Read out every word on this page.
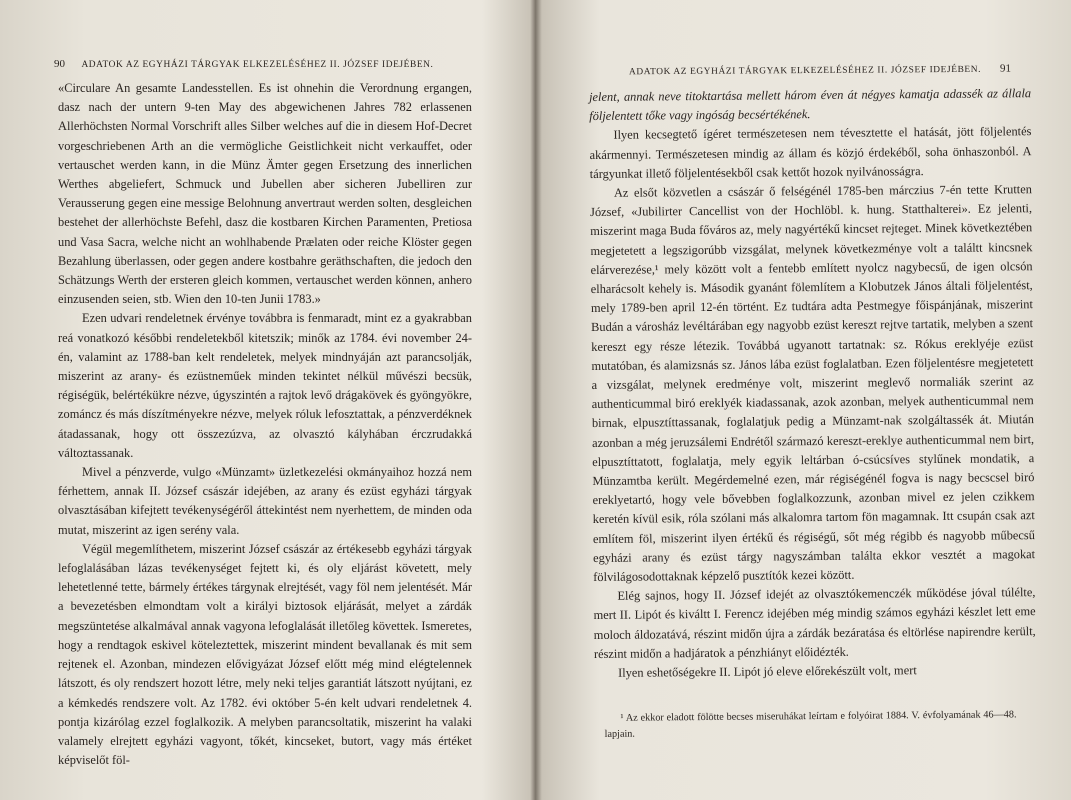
90 ADATOK AZ EGYHÁZI TÁRGYAK ELKEZELÉSÉHEZ II. JÓZSEF IDEJÉBEN.

«Circulare An gesamte Landesstellen. Es ist ohnehin die Verordnung ergangen, dasz nach der untern 9-ten May des abgewichenen Jahres 782 erlassenen Allerhöchsten Normal Vorschrift alles Silber welches auf die in diesem Hof-Decret vorgeschriebenen Arth an die vermögliche Geistlichkeit nicht verkauffet, oder vertauschet werden kann, in die Münz Ämter gegen Ersetzung des innerlichen Werthes abgeliefert, Schmuck und Jubellen aber sicheren Jubelliren zur Verausserung gegen eine messige Belohnung anvertraut werden solten, desgleichen bestehet der allerhöchste Befehl, dasz die kostbaren Kirchen Paramenten, Pretiosa und Vasa Sacra, welche nicht an wohlhabende Prælaten oder reiche Klöster gegen Bezahlung überlassen, oder gegen andere kostbahre geräthschaften, die jedoch den Schätzungs Werth der ersteren gleich kommen, vertauschet werden können, anhero einzusenden seien, stb. Wien den 10-ten Junii 1783.»

Ezen udvari rendeletnek érvénye továbbra is fenmaradt, mint ez a gyakrabban reá vonatkozó későbbi rendeletekből kitetszik; minők az 1784. évi november 24-én, valamint az 1788-ban kelt rendeletek, melyek mindnyáján azt parancsolják, miszerint az arany- és ezüstneműek minden tekintet nélkül művészi becsük, régiségük, belértékükre nézve, úgyszintén a rajtok levő drágakövek és gyöngyökre, zománcz és más díszítményekre nézve, melyek róluk lefosztattak, a pénzverdéknek átadassanak, hogy ott összezúzva, az olvasztó kályhában érczrudakká változtassanak.

Mivel a pénzverde, vulgo «Münzamt» üzletkezelési okmányaihoz hozzá nem férhettem, annak II. József császár idejében, az arany és ezüst egyházi tárgyak olvasztásában kifejtett tevékenységéről áttekintést nem nyerhettem, de minden oda mutat, miszerint az igen serény vala.

Végül megemlíthetem, miszerint József császár az értékesebb egyházi tárgyak lefoglalásában lázas tevékenységet fejtett ki, és oly eljárást követett, mely lehetetlenné tette, bármely értékes tárgynak elrejtését, vagy föl nem jelentését. Már a bevezetésben elmondtam volt a királyi biztosok eljárását, melyet a zárdák megszüntetése alkalmával annak vagyona lefoglalását illetőleg követtek. Ismeretes, hogy a rendtagok eskivel köteleztettek, miszerint mindent bevallanak és mit sem rejtenek el. Azonban, mindezen elővigyázat József előtt még mind elégtelennek látszott, és oly rendszert hozott létre, mely neki teljes garantiát látszott nyújtani, ez a kémkedés rendszere volt. Az 1782. évi október 5-én kelt udvari rendeletnek 4. pontja kizárólag ezzel foglalkozik. A melyben parancsoltatik, miszerint ha valaki valamely elrejtett egyházi vagyont, tőkét, kincseket, butort, vagy más értéket képviselőt föl-

ADATOK AZ EGYHÁZI TÁRGYAK ELKEZELÉSÉHEZ II. JÓZSEF IDEJÉBEN. 91

jelent, annak neve titoktartása mellett három éven át négyes kamatja adassék az állala följelentett tőke vagy ingóság becsértékének.

Ilyen kecsegtető ígéret természetesen nem tévesztette el hatását, jött följelentés akármennyi. Természetesen mindig az állam és közjó érdekéből, soha önhaszonból. A tárgyunkat illető följelentésekből csak kettőt hozok nyilvánosságra.

Az elsőt közvetlen a császár ő felségénél 1785-ben márczius 7-én tette Krutten József, «Jubilirter Cancellist von der Hochlöbl. k. hung. Statthalterei». Ez jelenti, miszerint maga Buda főváros az, mely nagyértékű kincset rejteget. Minek következtében megjetetett a legszigorúbb vizsgálat, melynek következménye volt a találtt kincsnek elárverezése,¹ mely között volt a fentebb említett nyolcz nagybecsű, de igen olcsón elharácsolt kehely is. Második gyanánt fölemlítem a Klobutzek János általi följelentést, mely 1789-ben april 12-én történt. Ez tudtára adta Pestmegye főispánjának, miszerint Budán a városház levéltárában egy nagyobb ezüst kereszt rejtve tartatik, melyben a szent kereszt egy része létezik. Továbbá ugyanott tartatnak: sz. Rókus ereklyéje ezüst mutatóban, és alamizsnás sz. János lába ezüst foglalatban. Ezen följelentésre megjetetett a vizsgálat, melynek eredménye volt, miszerint meglevő normaliák szerint az authenticummal biró ereklyék kiadassanak, azok azonban, melyek authenticummal nem birnak, elpusztíttassanak, foglalatjuk pedig a Münzamt-nak szolgáltassék át. Miután azonban a még jeruzsálemi Endrétől származó kereszt-ereklye authenticummal nem birt, elpusztíttatott, foglalatja, mely egyik leltárban ó-csúcsíves stylűnek mondatik, a Münzamtba került. Megérdemelné ezen, már régiségénél fogva is nagy becscsel biró ereklyetartó, hogy vele bővebben foglalkozzunk, azonban mivel ez jelen czikkem keretén kívül esik, róla szólani más alkalomra tartom fön magamnak. Itt csupán csak azt említem föl, miszerint ilyen értékű és régiségű, sőt még régibb és nagyobb műbecsű egyházi arany és ezüst tárgy nagyszámban találta ekkor vesztét a magokat fölvilágosodottaknak képzelő pusztítók kezei között.

Elég sajnos, hogy II. József idejét az olvasztókemenczék működése jóval túlélte, mert II. Lipót és kiváltt I. Ferencz idejében még mindig számos egyházi készlet lett eme moloch áldozatává, részint midőn újra a zárdák bezáratása és eltörlése napirendre került, részint midőn a hadjáratok a pénzhiányt előidézték.

Ilyen eshetőségekre II. Lipót jó eleve előrekészült volt, mert

¹ Az ekkor eladott fölötte becses miseruhákat leírtam e folyóirat 1884. V. évfolyamának 46—48. lapjain.
